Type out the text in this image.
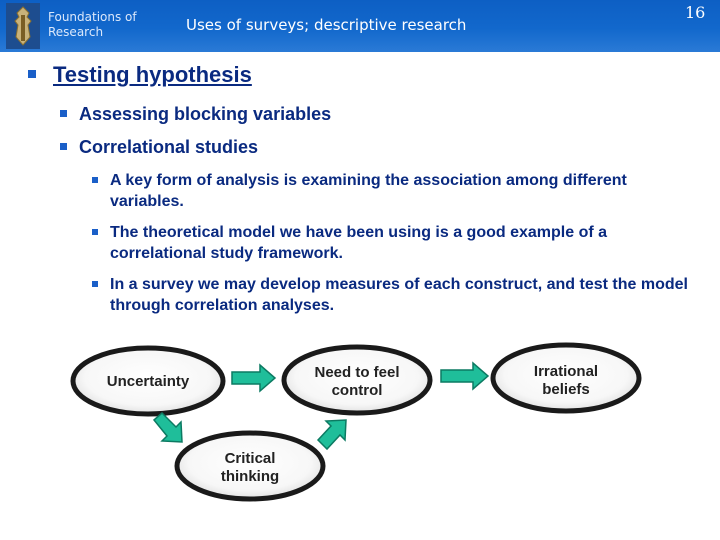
Foundations of
Research	Uses of surveys; descriptive research
16
Testing hypothesis
Assessing blocking variables
Correlational studies
A key form of analysis is examining the association among different variables.
The theoretical model we have been using is a good example of a correlational study framework.
In a survey we may develop measures of each construct, and test the model through correlation analyses.
Uncertainty
Need to feel
control
Irrational
beliefs
Critical
thinking
